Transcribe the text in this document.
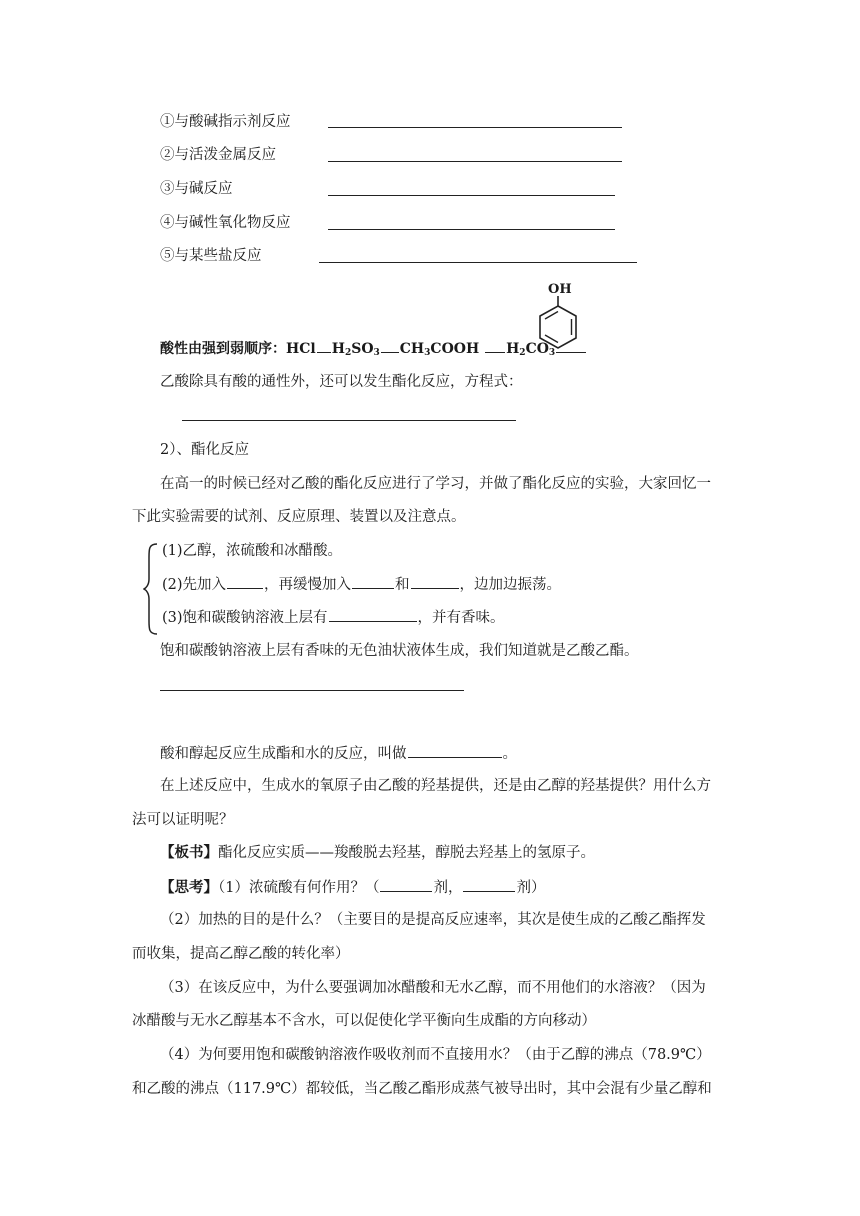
①与酸碱指示剂反应
②与活泼金属反应
③与碱反应
④与碱性氧化物反应
⑤与某些盐反应
OH
酸性由强到弱顺序：HCl $H_2SO_3$ $CH_3COOH$ $H_2CO_3$
乙酸除具有酸的通性外，还可以发生酯化反应，方程式：
2）、酯化反应
在高一的时候已经对乙酸的酯化反应进行了学习，并做了酯化反应的实验，大家回忆一
下此实验需要的试剂、反应原理、装置以及注意点。
(1)乙醇，浓硫酸和冰醋酸。
(2)先加入	，再缓慢加入	和	，边加边振荡。
(3)饱和碳酸钠溶液上层有	，并有香味。
饱和碳酸钠溶液上层有香味的无色油状液体生成，我们知道就是乙酸乙酯。
酸和醇起反应生成酯和水的反应，叫做	。
在上述反应中，生成水的氧原子由乙酸的羟基提供，还是由乙醇的羟基提供？用什么方
法可以证明呢？
【板书】酯化反应实质——羧酸脱去羟基，醇脱去羟基上的氢原子。
【思考】（1）浓硫酸有何作用？（	剂，	剂）
（2）加热的目的是什么？（主要目的是提高反应速率，其次是使生成的乙酸乙酯挥发
而收集，提高乙醇乙酸的转化率）
（3）在该反应中，为什么要强调加冰醋酸和无水乙醇，而不用他们的水溶液？（因为
冰醋酸与无水乙醇基本不含水，可以促使化学平衡向生成酯的方向移动）
（4）为何要用饱和碳酸钠溶液作吸收剂而不直接用水？（由于乙醇的沸点（78.9℃）
和乙酸的沸点（117.9℃）都较低，当乙酸乙酯形成蒸气被导出时，其中会混有少量乙醇和
